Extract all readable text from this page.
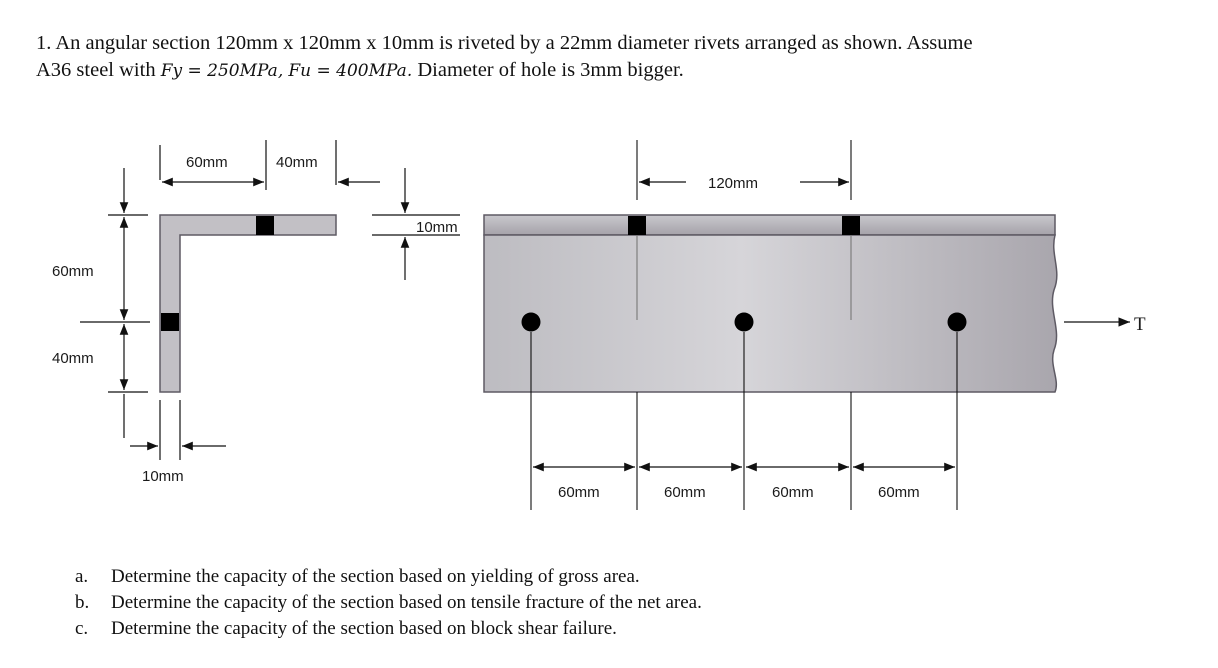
1. An angular section 120mm x 120mm x 10mm is riveted by a 22mm diameter rivets arranged as shown. Assume
A36 steel with Fy = 250MPa, Fu = 400MPa. Diameter of hole is 3mm bigger.
60mm	40mm
60mm
40mm
10mm
10mm
120mm
60mm	60mm	60mm	60mm
T
a.	Determine the capacity of the section based on yielding of gross area.
b.	Determine the capacity of the section based on tensile fracture of the net area.
c.	Determine the capacity of the section based on block shear failure.
